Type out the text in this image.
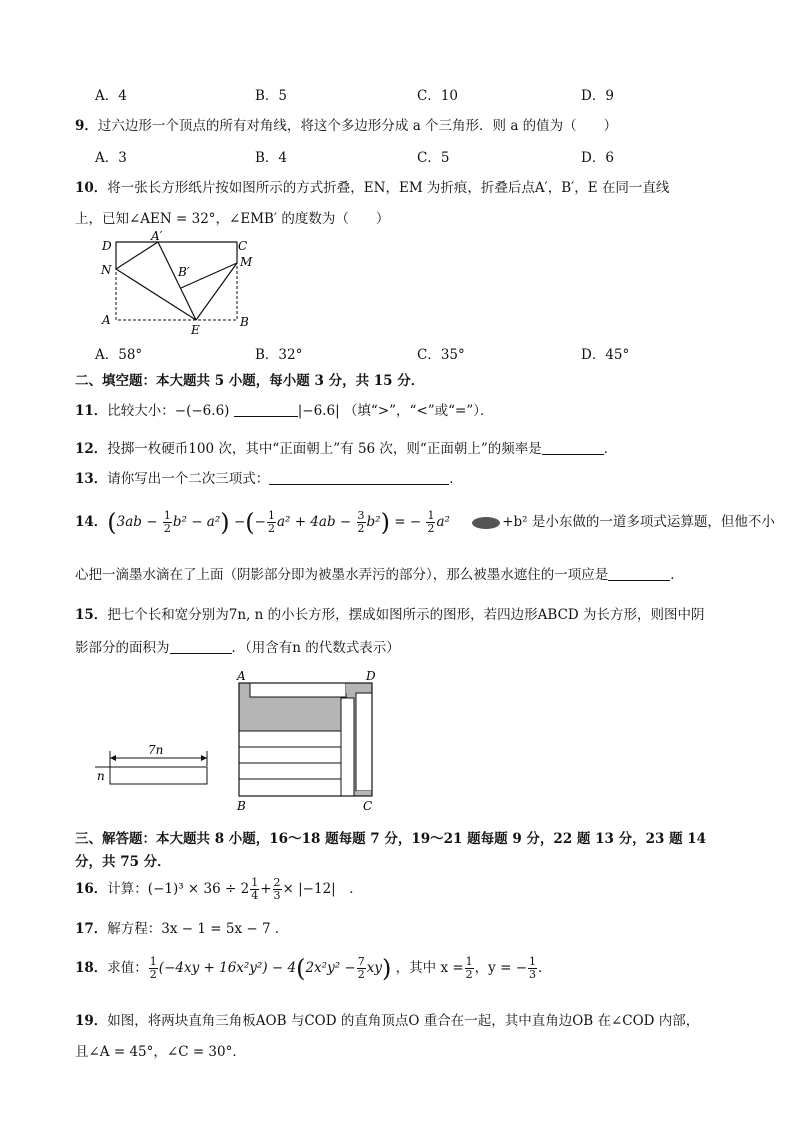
A．4	B．5	C．10	D．9
9．过六边形一个顶点的所有对角线，将这个多边形分成 a 个三角形．则 a 的值为（　　）
A．3	B．4	C．5	D．6
10．将一张长方形纸片按如图所示的方式折叠，EN，EM 为折痕，折叠后点A′，B′，E 在同一直线
上，已知∠AEN = 32°，∠EMB′ 的度数为（　　）
D
A′
C
M
N	B′
A
E
B
A．58°	B．32°	C．35°	D．45°
二、填空题：本大题共 5 小题，每小题 3 分，共 15 分．
11．比较大小：−(−6.6)	|−6.6| （填“>”，“<”或“=”）．
12．投掷一枚硬币100 次，其中“正面朝上”有 56 次，则“正面朝上”的频率是	．
13．请你写出一个二次三项式：	．
14．$(3ab - \frac{1}{2} b^2 - a^2)$ −(− $\frac{1}{2} a^2 + 4ab - \frac{3}{2} b^2$) = − $\frac{1}{2} a^2$	+b² 是小东做的一道多项式运算题，但他不小
心把一滴墨水滴在了上面（阴影部分即为被墨水弄污的部分），那么被墨水遮住的一项应是	．
15．把七个长和宽分别为7n, n 的小长方形，摆成如图所示的图形，若四边形ABCD 为长方形，则图中阴
影部分的面积为	．（用含有n 的代数式表示）
7n
n
A	D
B	C
三、解答题：本大题共 8 小题，16～18 题每题 7 分，19～21 题每题 9 分，22 题 13 分，23 题 14
分，共 75 分．
16．计算：$(-1)^3 \times 36 \div 2 \frac{1}{4} + \frac{2}{3} \times |-12|$　．
17．解方程：3x − 1 = 5x − 7 ．
18．求值： $\frac{1}{2} (-4xy + 16x^2y^2) - 4(2x^2y^2 - \frac{7}{2} xy)$ ，其中 $x = \frac{1}{2}$ ，y = − $\frac{1}{3}$ ．
19．如图，将两块直角三角板AOB 与COD 的直角顶点O 重合在一起，其中直角边OB 在∠COD 内部，
且∠A = 45°，∠C = 30°．
